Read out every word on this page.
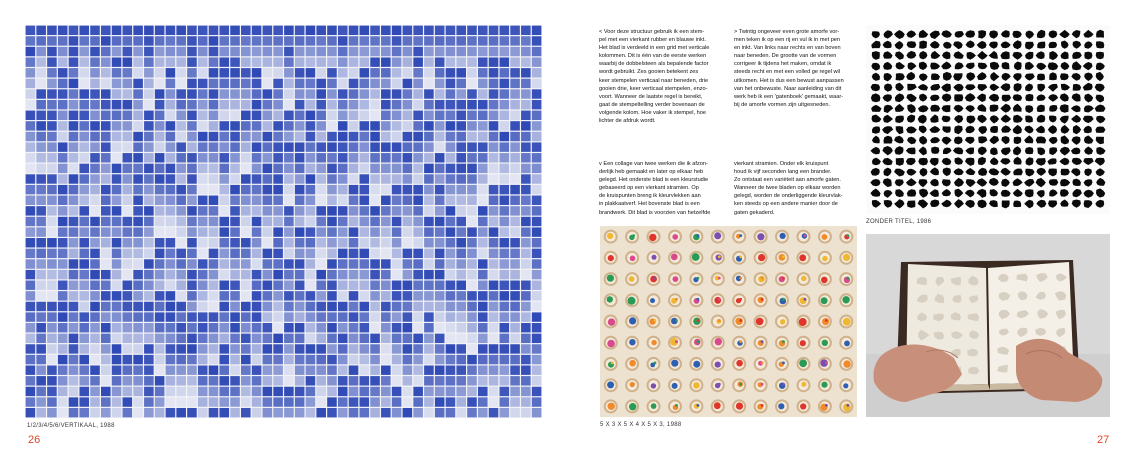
1/2/3/4/5/6/VERTIKAAL, 1988
26
< Voor deze structuur gebruik ik een stem-
pel met een vierkant rubber en blauwe inkt.
Het blad is verdeeld in een grid met verticale
kolommen. Dit is één van de eerste werken
waarbij de dobbelsteen als bepalende factor
wordt gebruikt. Zes gooien betekent zes
keer stempelen verticaal naar beneden, drie
gooien drie, keer verticaal stempelen, enzo-
voort. Wanneer de laatste regel is bereikt,
gaat de stempeltelling verder bovenaan de
volgende kolom. Hoe vaker ik stempel, hoe
lichter de afdruk wordt.
> Twintig ongeveer even grote amorfe vor-
men teken ik op een rij en vul ik in met pen
en inkt. Van links naar rechts en van boven
naar beneden. De grootte van de vormen
corrigeer ik tijdens het maken, omdat ik
steeds recht en met een volled ge regel wil
uitkomen. Het is dus een bewust aanpassen
van het onbewuste. Naar aanleiding van dit
werk heb ik een 'gatenboek' gemaakt, waar-
bij de amorfe vormen zijn uitgesneden.
v Een collage van twee werken die ik afzon-
derlijk heb gemaakt en later op elkaar heb
gelegd. Het onderste blad is een kleurstudie
gebaseerd op een vierkant stramien. Op
de kruispunten breng ik kleurvlekken aan
in plakkaatverf. Het bovenste blad is een
brandwerk. Dit blad is voorzien van hetzelfde
vierkant stramien. Onder elk kruispunt
houd ik vijf seconden lang een brander.
Zo ontstaat een variëteit aan amorfe gaten.
Wanneer de twee bladen op elkaar worden
gelegd, worden de onderliggende kleurvlak-
ken steeds op een andere manier door de
gaten gekaderd.
5 X 3 X 5 X 4 X 5 X 3, 1988
ZONDER TITEL, 1986
27
